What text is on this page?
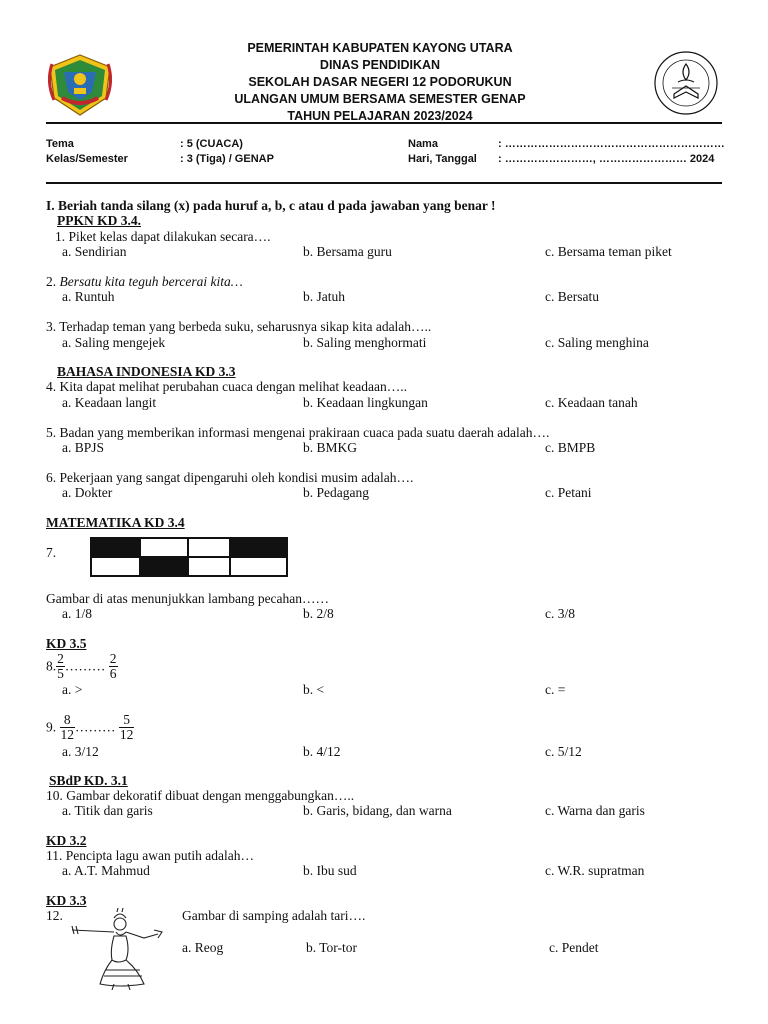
PEMERINTAH KABUPATEN KAYONG UTARA
DINAS PENDIDIKAN
SEKOLAH DASAR NEGERI 12 PODORUKUN
ULANGAN UMUM BERSAMA SEMESTER GENAP
TAHUN PELAJARAN 2023/2024
Tema	: 5 (CUACA)
Kelas/Semester	: 3 (Tiga) / GENAP
Nama	: ……………………………………………………
Hari, Tanggal : ……………………, …………………… 2024
I. Beriah tanda silang (x) pada huruf a, b, c atau d pada jawaban yang benar !
PPKN KD 3.4.
1. Piket kelas dapat dilakukan secara….
a. Sendirian	b. Bersama guru	c. Bersama teman piket
2. Bersatu kita teguh bercerai kita…
a. Runtuh	b. Jatuh	c. Bersatu
3. Terhadap teman yang berbeda suku, seharusnya sikap kita adalah…..
a. Saling mengejek	b. Saling menghormati	c. Saling menghina
BAHASA INDONESIA KD 3.3
4. Kita dapat melihat perubahan cuaca dengan melihat keadaan…..
a. Keadaan langit	b. Keadaan lingkungan	c. Keadaan tanah
5. Badan yang memberikan informasi mengenai prakiraan cuaca pada suatu daerah adalah….
a. BPJS	b. BMKG	c. BMPB
6. Pekerjaan yang sangat dipengaruhi oleh kondisi musim adalah….
a. Dokter	b. Pedagang	c. Petani
MATEMATIKA KD 3.4
7.
Gambar di atas menunjukkan lambang pecahan……
a. 1/8	b. 2/8	c. 3/8
KD 3.5
8. $\frac{2}{5}$ ……… $\frac{2}{6}$
a. >	b. <	c. =
9. $\frac{8}{12}$ ……… $\frac{5}{12}$
a. 3/12	b. 4/12	c. 5/12
SBdP KD. 3.1
10. Gambar dekoratif dibuat dengan menggabungkan…..
a. Titik dan garis	b. Garis, bidang, dan warna	c. Warna dan garis
KD 3.2
11. Pencipta lagu awan putih adalah…
a. A.T. Mahmud	b. Ibu sud	c. W.R. supratman
KD 3.3
12.	Gambar di samping adalah tari….
a. Reog	b. Tor-tor	c. Pendet
